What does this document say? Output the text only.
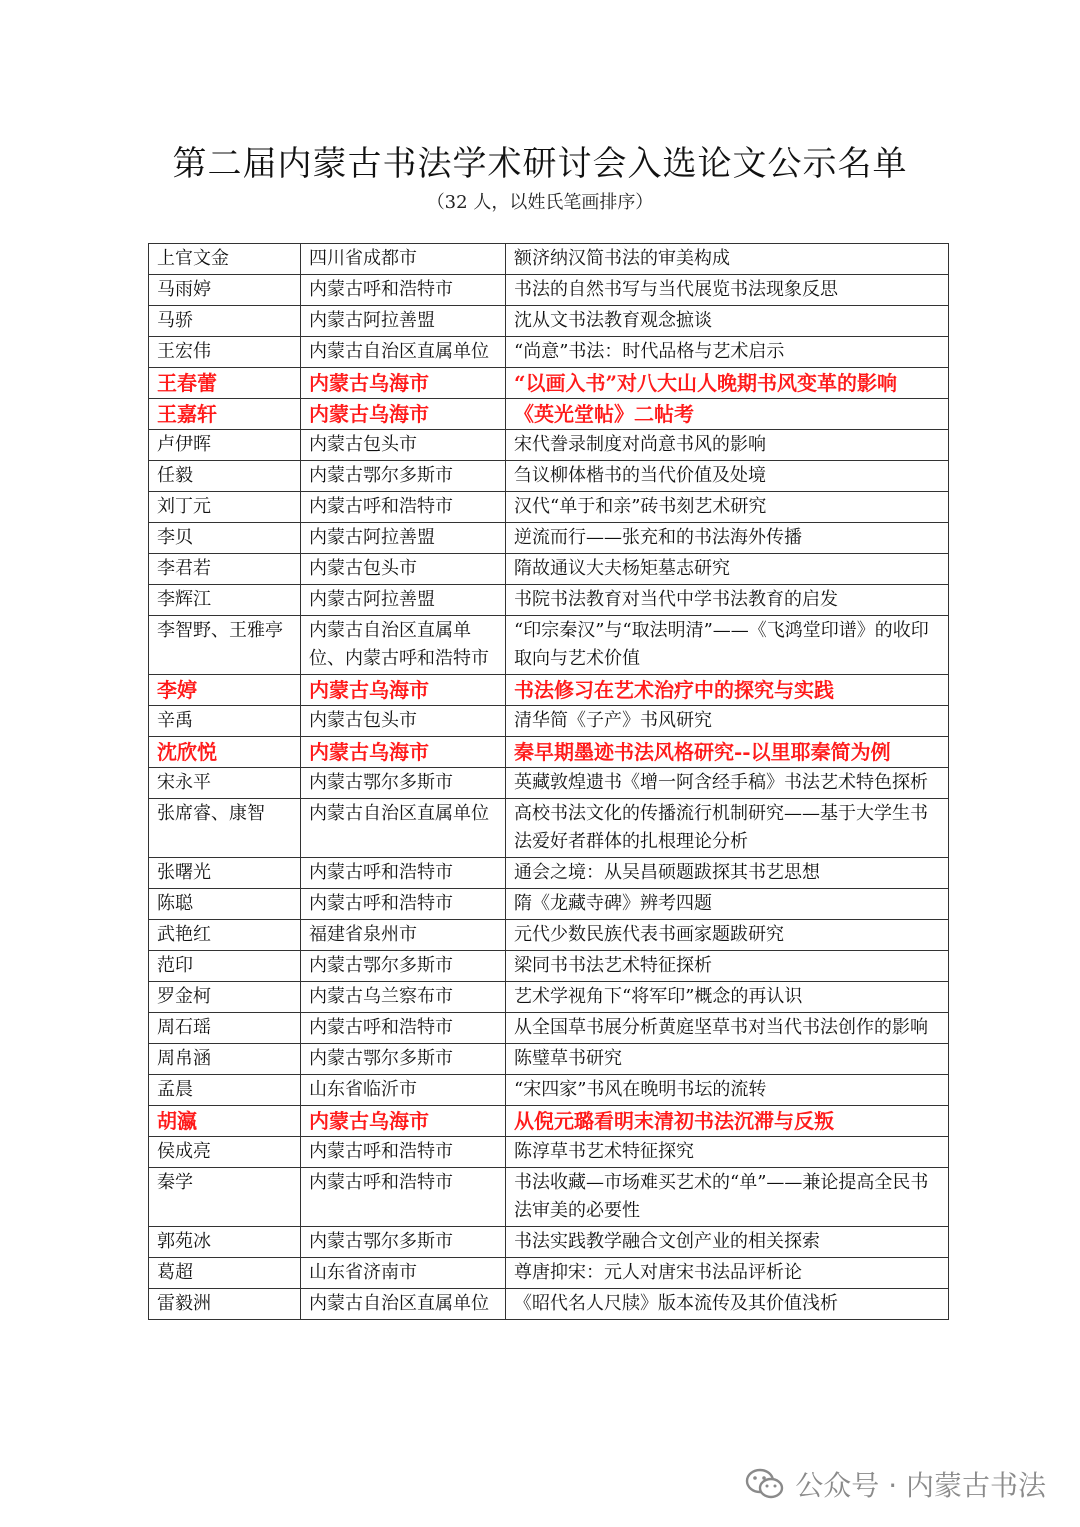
第二届内蒙古书法学术研讨会入选论文公示名单
（32 人，以姓氏笔画排序）
上官文金	四川省成都市	额济纳汉简书法的审美构成
马雨婷	内蒙古呼和浩特市	书法的自然书写与当代展览书法现象反思
马骄	内蒙古阿拉善盟	沈从文书法教育观念摭谈
王宏伟	内蒙古自治区直属单位	“尚意”书法：时代品格与艺术启示
王春蕾	内蒙古乌海市	“以画入书”对八大山人晚期书风变革的影响
王嘉轩	内蒙古乌海市	《英光堂帖》二帖考
卢伊晖	内蒙古包头市	宋代誊录制度对尚意书风的影响
任毅	内蒙古鄂尔多斯市	刍议柳体楷书的当代价值及处境
刘丁元	内蒙古呼和浩特市	汉代“单于和亲”砖书刻艺术研究
李贝	内蒙古阿拉善盟	逆流而行——张充和的书法海外传播
李君若	内蒙古包头市	隋故通议大夫杨矩墓志研究
李辉江	内蒙古阿拉善盟	书院书法教育对当代中学书法教育的启发
李智野、王雅亭	内蒙古自治区直属单位、内蒙古呼和浩特市	“印宗秦汉”与“取法明清”——《飞鸿堂印谱》的收印取向与艺术价值
李婷	内蒙古乌海市	书法修习在艺术治疗中的探究与实践
辛禹	内蒙古包头市	清华简《子产》书风研究
沈欣悦	内蒙古乌海市	秦早期墨迹书法风格研究--以里耶秦简为例
宋永平	内蒙古鄂尔多斯市	英藏敦煌遗书《增一阿含经手稿》书法艺术特色探析
张席睿、康智	内蒙古自治区直属单位	高校书法文化的传播流行机制研究——基于大学生书法爱好者群体的扎根理论分析
张曙光	内蒙古呼和浩特市	通会之境：从吴昌硕题跋探其书艺思想
陈聪	内蒙古呼和浩特市	隋《龙藏寺碑》辨考四题
武艳红	福建省泉州市	元代少数民族代表书画家题跋研究
范印	内蒙古鄂尔多斯市	梁同书书法艺术特征探析
罗金柯	内蒙古乌兰察布市	艺术学视角下“将军印”概念的再认识
周石瑶	内蒙古呼和浩特市	从全国草书展分析黄庭坚草书对当代书法创作的影响
周帛涵	内蒙古鄂尔多斯市	陈璧草书研究
孟晨	山东省临沂市	“宋四家”书风在晚明书坛的流转
胡瀛	内蒙古乌海市	从倪元璐看明末清初书法沉滞与反叛
侯成亮	内蒙古呼和浩特市	陈淳草书艺术特征探究
秦学	内蒙古呼和浩特市	书法收藏—市场难买艺术的“单”——兼论提高全民书法审美的必要性
郭苑冰	内蒙古鄂尔多斯市	书法实践教学融合文创产业的相关探索
葛超	山东省济南市	尊唐抑宋：元人对唐宋书法品评析论
雷毅洲	内蒙古自治区直属单位	《昭代名人尺牍》版本流传及其价值浅析
公众号 · 内蒙古书法
